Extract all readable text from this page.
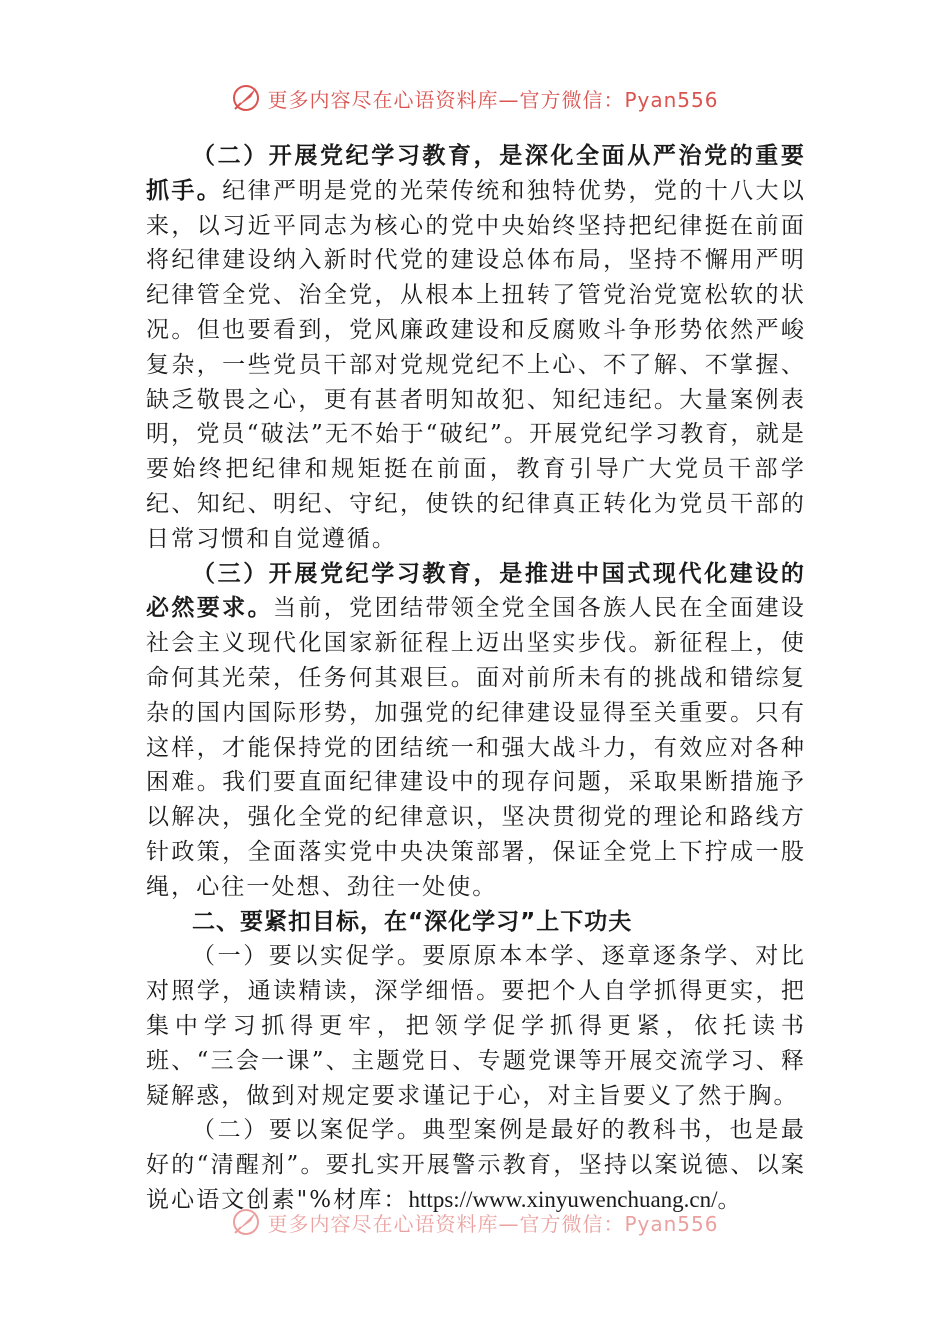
更多内容尽在心语资料库—官方微信：Pyan556

（二）开展党纪学习教育，是深化全面从严治党的重要抓手。纪律严明是党的光荣传统和独特优势，党的十八大以来，以习近平同志为核心的党中央始终坚持把纪律挺在前面将纪律建设纳入新时代党的建设总体布局，坚持不懈用严明纪律管全党、治全党，从根本上扭转了管党治党宽松软的状况。但也要看到，党风廉政建设和反腐败斗争形势依然严峻复杂，一些党员干部对党规党纪不上心、不了解、不掌握、缺乏敬畏之心，更有甚者明知故犯、知纪违纪。大量案例表明，党员“破法”无不始于“破纪”。开展党纪学习教育，就是要始终把纪律和规矩挺在前面，教育引导广大党员干部学纪、知纪、明纪、守纪，使铁的纪律真正转化为党员干部的日常习惯和自觉遵循。

（三）开展党纪学习教育，是推进中国式现代化建设的必然要求。当前，党团结带领全党全国各族人民在全面建设社会主义现代化国家新征程上迈出坚实步伐。新征程上，使命何其光荣，任务何其艰巨。面对前所未有的挑战和错综复杂的国内国际形势，加强党的纪律建设显得至关重要。只有这样，才能保持党的团结统一和强大战斗力，有效应对各种困难。我们要直面纪律建设中的现存问题，采取果断措施予以解决，强化全党的纪律意识，坚决贯彻党的理论和路线方针政策，全面落实党中央决策部署，保证全党上下拧成一股绳，心往一处想、劲往一处使。

二、要紧扣目标，在“深化学习”上下功夫

（一）要以实促学。要原原本本学、逐章逐条学、对比对照学，通读精读，深学细悟。要把个人自学抓得更实，把集中学习抓得更牢，把领学促学抓得更紧，依托读书班、“三会一课”、主题党日、专题党课等开展交流学习、释疑解惑，做到对规定要求谨记于心，对主旨要义了然于胸。

（二）要以案促学。典型案例是最好的教科书，也是最好的“清醒剂”。要扎实开展警示教育，坚持以案说德、以案说心语文创素"%材库：https://www.xinyuwenchuang.cn/。

更多内容尽在心语资料库—官方微信：Pyan556
